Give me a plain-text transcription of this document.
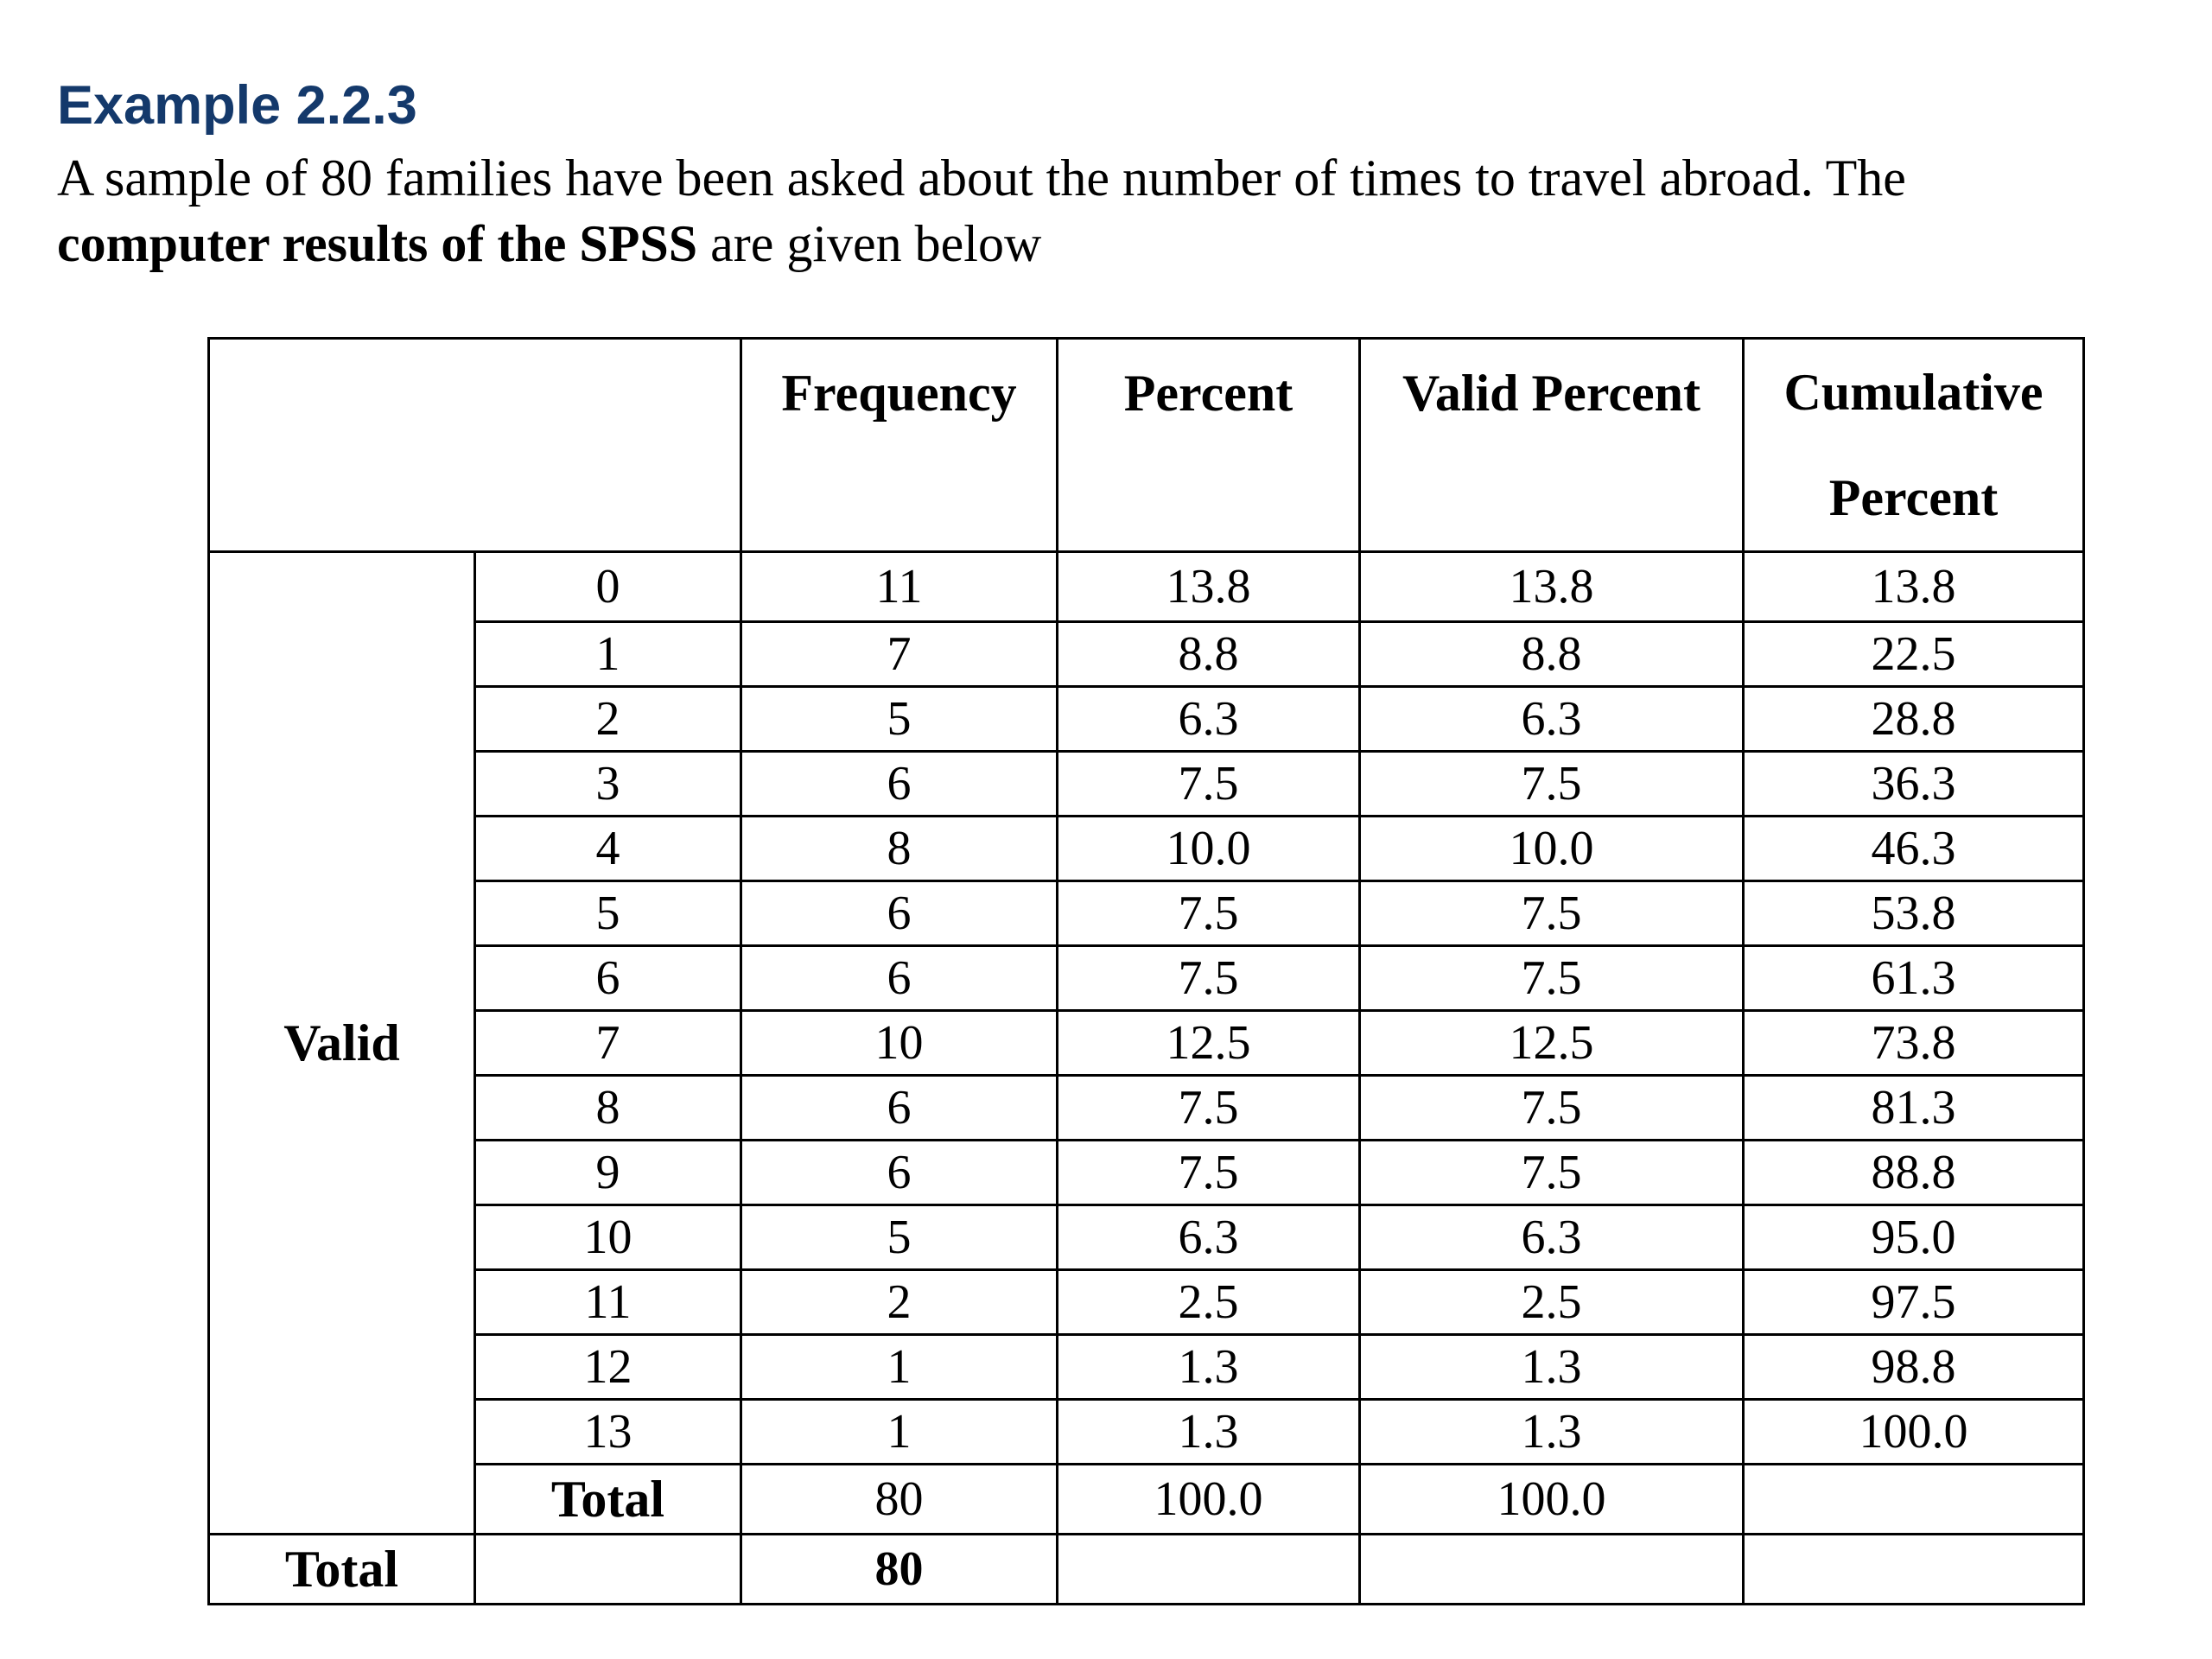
Example 2.2.3

A sample of 80 families have been asked about the number of times to travel abroad. The
computer results of the SPSS are given below

		Frequency	Percent	Valid Percent	Cumulative
Percent

Valid	0	11	13.8	13.8	13.8
	1	7	8.8	8.8	22.5
	2	5	6.3	6.3	28.8
	3	6	7.5	7.5	36.3
	4	8	10.0	10.0	46.3
	5	6	7.5	7.5	53.8
	6	6	7.5	7.5	61.3
	7	10	12.5	12.5	73.8
	8	6	7.5	7.5	81.3
	9	6	7.5	7.5	88.8
	10	5	6.3	6.3	95.0
	11	2	2.5	2.5	97.5
	12	1	1.3	1.3	98.8
	13	1	1.3	1.3	100.0
	Total	80	100.0	100.0	
Total		80			
